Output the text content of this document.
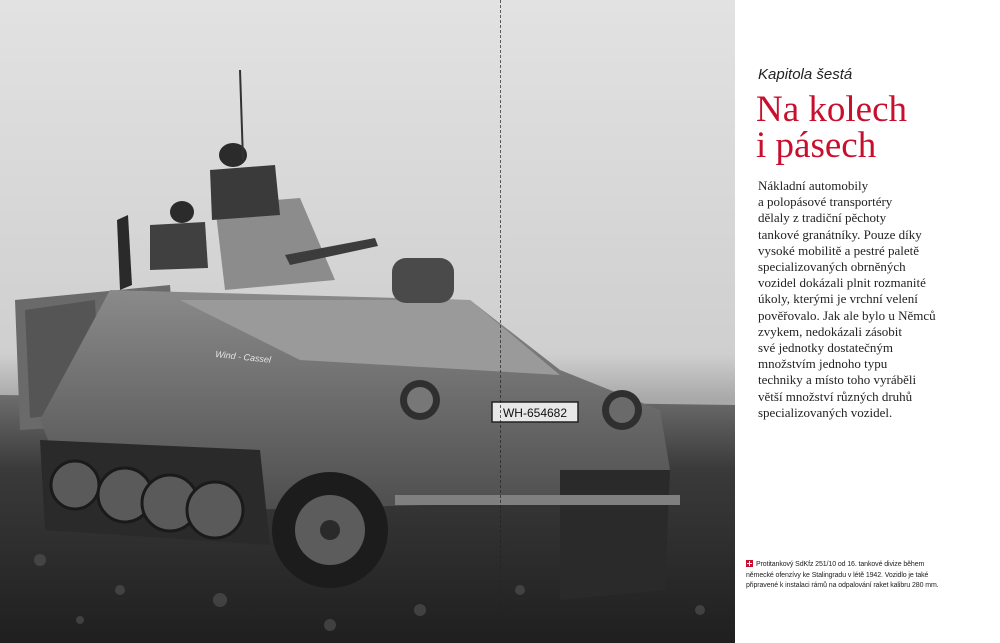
WH-654682
Wind - Cassel
Kapitola šestá
Na kolech
i pásech
Nákladní automobily
a polopásové transportéry
dělaly z tradiční pěchoty
tankové granátníky. Pouze díky
vysoké mobilitě a pestré paletě
specializovaných obrněných
vozidel dokázali plnit rozmanité
úkoly, kterými je vrchní velení
pověřovalo. Jak ale bylo u Němců
zvykem, nedokázali zásobit
své jednotky dostatečným
množstvím jednoho typu
techniky a místo toho vyráběli
větší množství různých druhů
specializovaných vozidel.
Protitankový SdKfz 251/10 od 16. tankové divize během
německé ofenzívy ke Stalingradu v létě 1942. Vozidlo je také
připravené k instalaci rámů na odpalování raket kalibru 280 mm.
